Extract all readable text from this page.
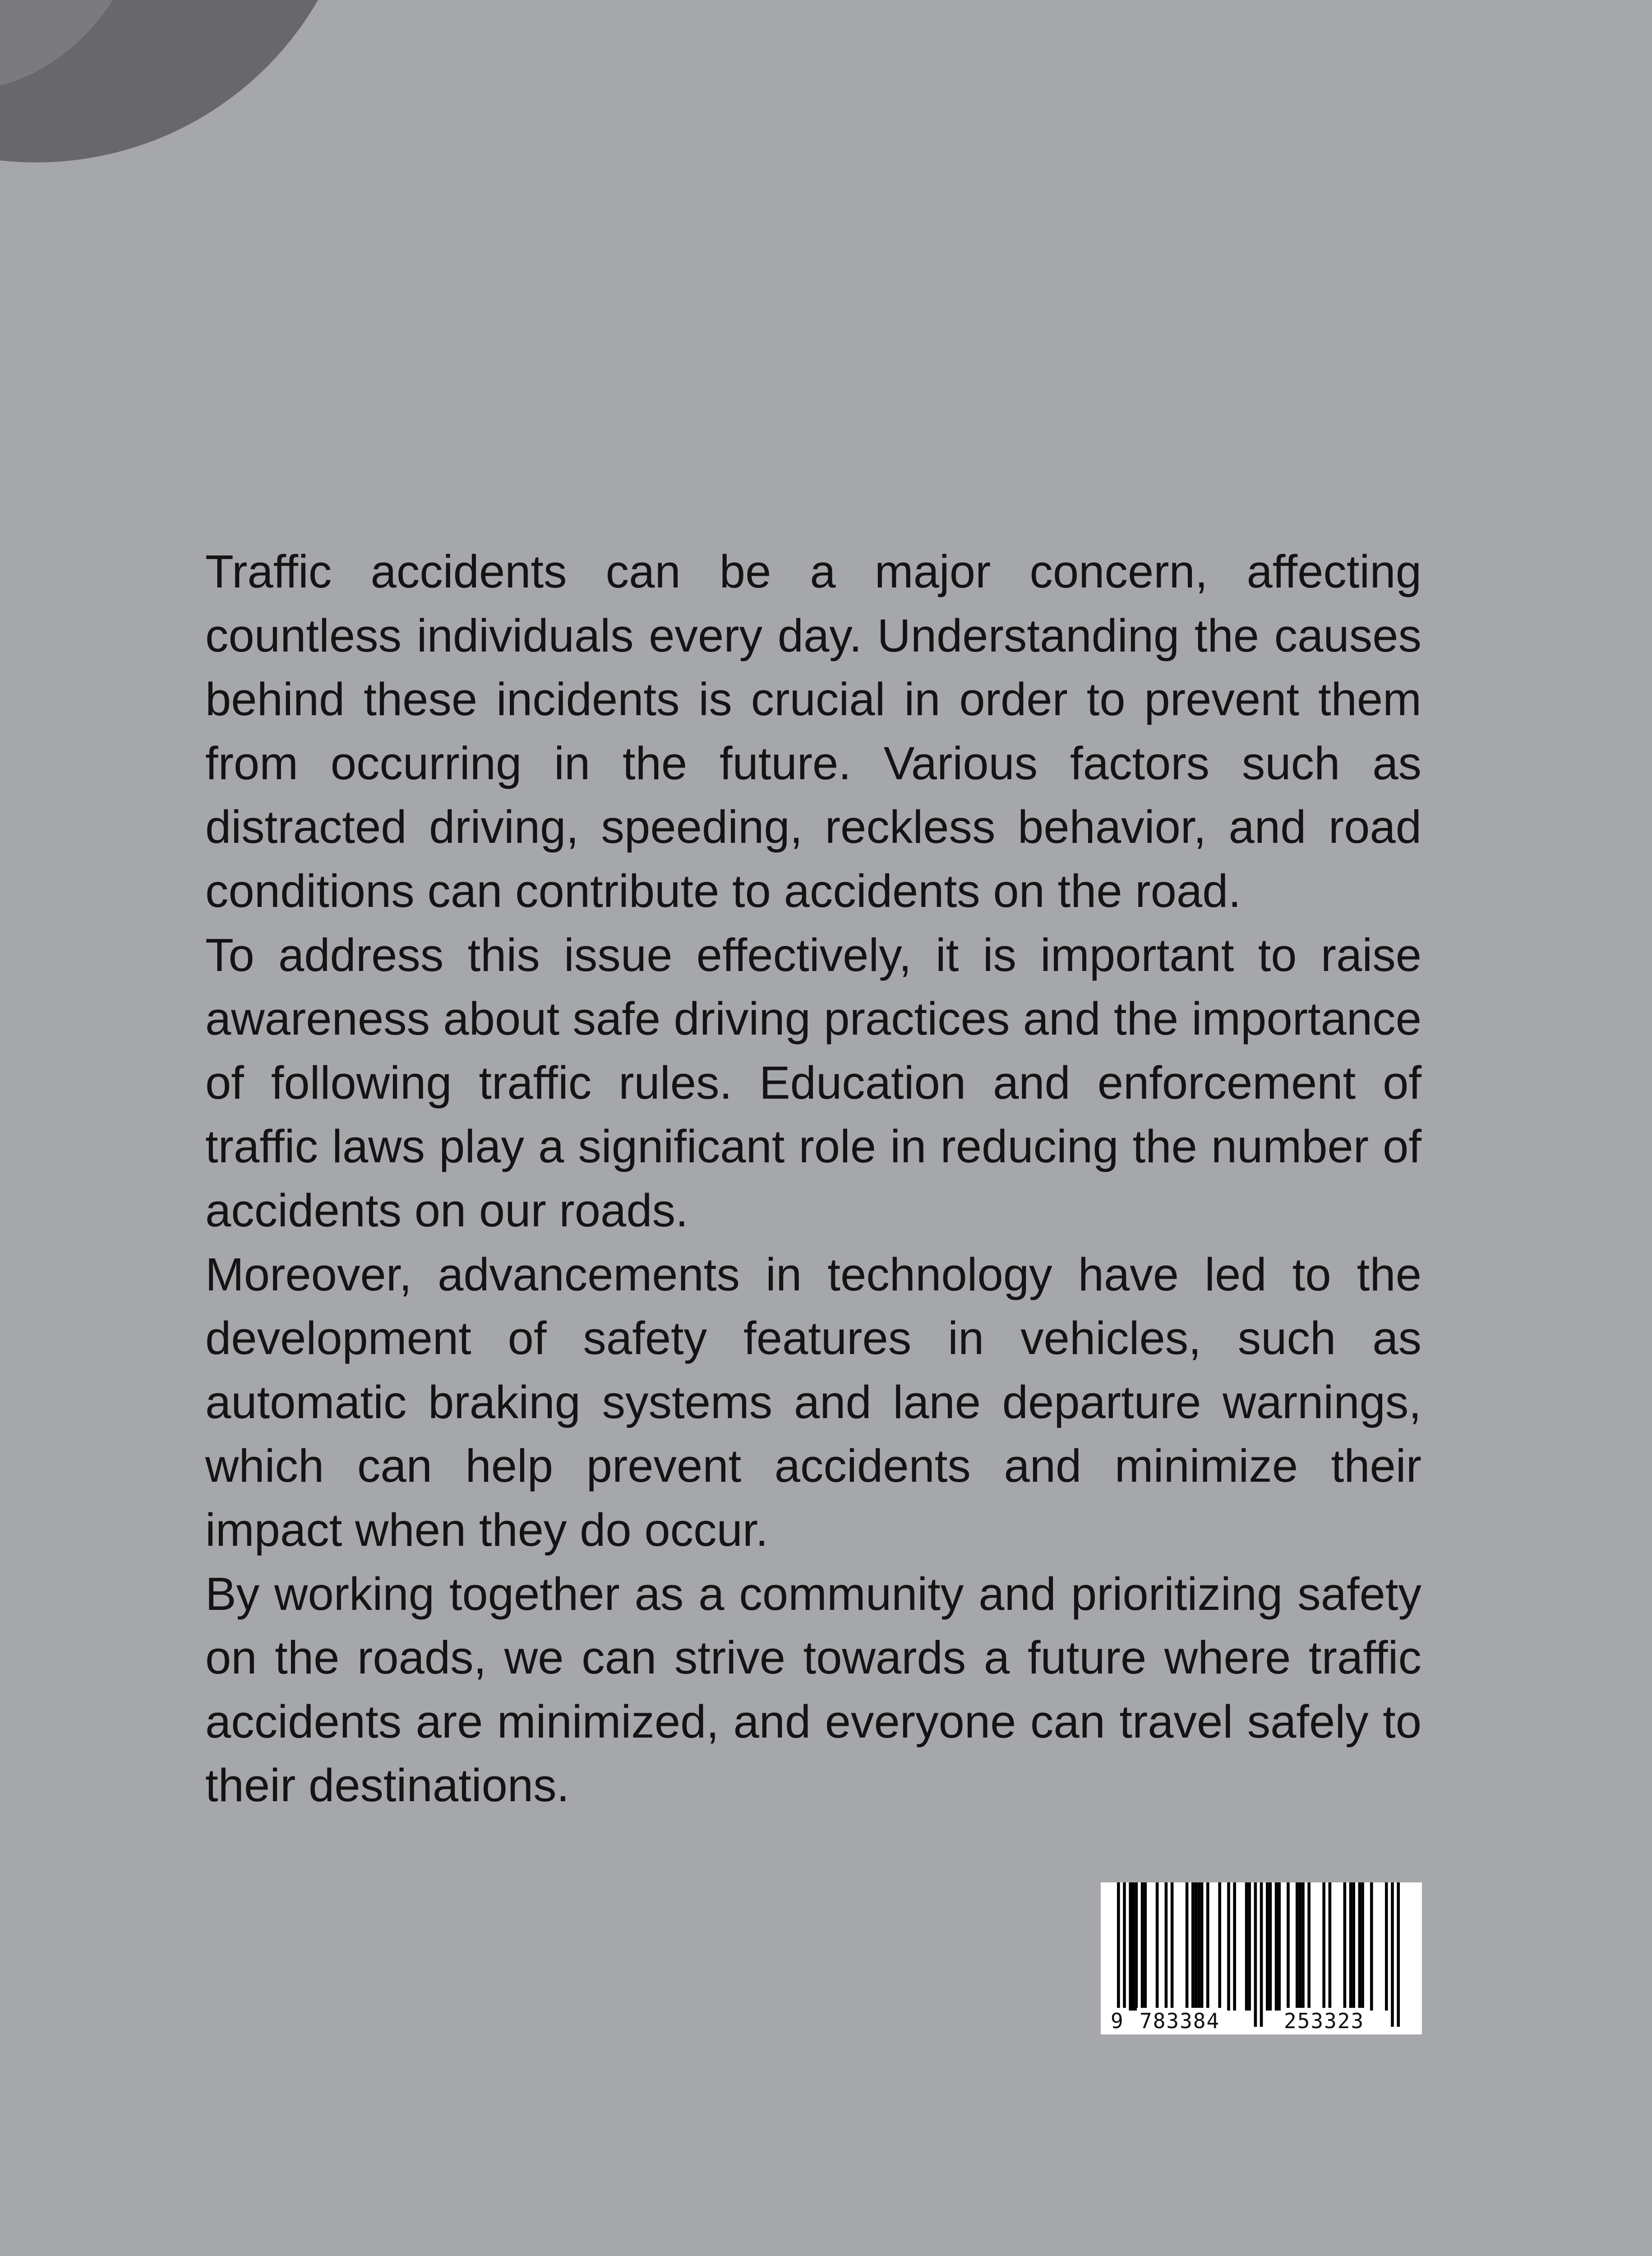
Traffic accidents can be a major concern, affecting countless individuals every day. Understanding the causes behind these incidents is crucial in order to prevent them from occurring in the future. Various factors such as distracted driving, speeding, reckless behavior, and road conditions can contribute to accidents on the road.

To address this issue effectively, it is important to raise awareness about safe driving practices and the importance of following traffic rules. Education and enforcement of traffic laws play a significant role in reducing the number of accidents on our roads.

Moreover, advancements in technology have led to the development of safety features in vehicles, such as automatic braking systems and lane departure warnings, which can help prevent accidents and minimize their impact when they do occur.

By working together as a community and prioritizing safety on the roads, we can strive towards a future where traffic accidents are minimized, and everyone can travel safely to their destinations.

9 783384	253323
